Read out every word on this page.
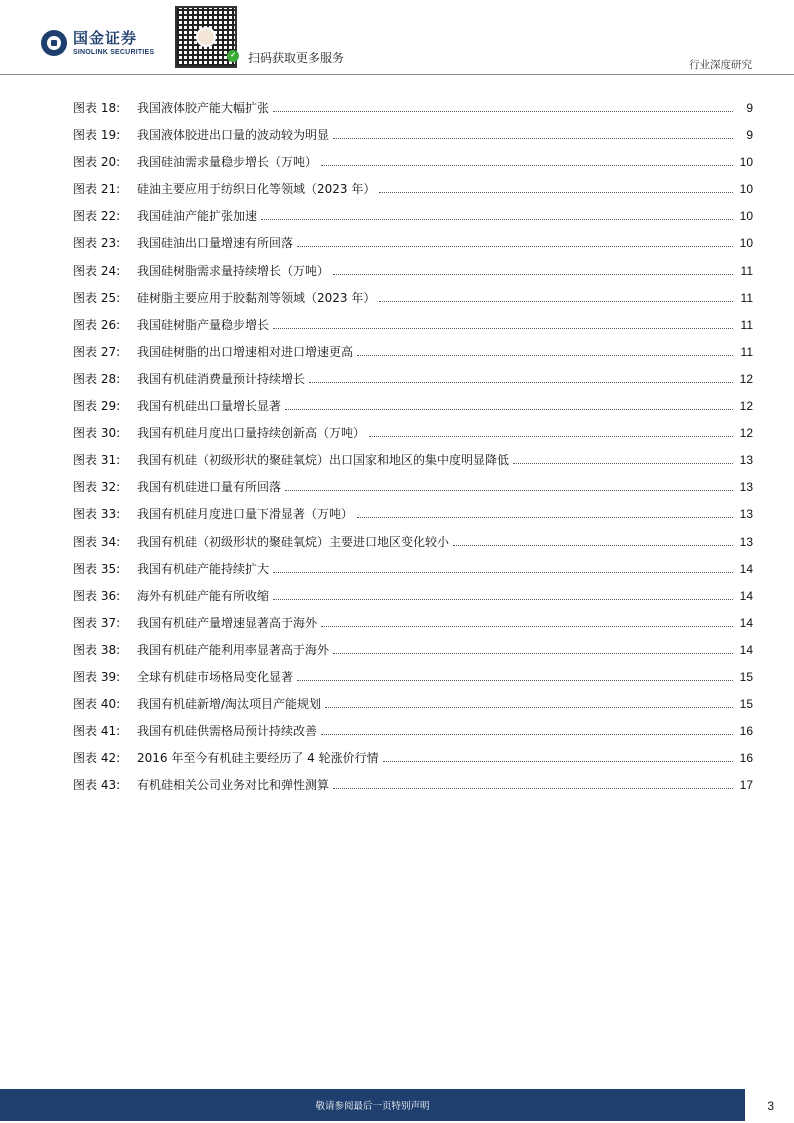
国金证券
SINOLINK SECURITIES	✓ 扫码获取更多服务	行业深度研究
图表 18:	我国液体胶产能大幅扩张	9
图表 19:	我国液体胶进出口量的波动较为明显	9
图表 20:	我国硅油需求量稳步增长（万吨）	10
图表 21:	硅油主要应用于纺织日化等领域（2023 年）	10
图表 22:	我国硅油产能扩张加速	10
图表 23:	我国硅油出口量增速有所回落	10
图表 24:	我国硅树脂需求量持续增长（万吨）	11
图表 25:	硅树脂主要应用于胶黏剂等领域（2023 年）	11
图表 26:	我国硅树脂产量稳步增长	11
图表 27:	我国硅树脂的出口增速相对进口增速更高	11
图表 28:	我国有机硅消费量预计持续增长	12
图表 29:	我国有机硅出口量增长显著	12
图表 30:	我国有机硅月度出口量持续创新高（万吨）	12
图表 31:	我国有机硅（初级形状的聚硅氧烷）出口国家和地区的集中度明显降低	13
图表 32:	我国有机硅进口量有所回落	13
图表 33:	我国有机硅月度进口量下滑显著（万吨）	13
图表 34:	我国有机硅（初级形状的聚硅氧烷）主要进口地区变化较小	13
图表 35:	我国有机硅产能持续扩大	14
图表 36:	海外有机硅产能有所收缩	14
图表 37:	我国有机硅产量增速显著高于海外	14
图表 38:	我国有机硅产能利用率显著高于海外	14
图表 39:	全球有机硅市场格局变化显著	15
图表 40:	我国有机硅新增/淘汰项目产能规划	15
图表 41:	我国有机硅供需格局预计持续改善	16
图表 42:	2016 年至今有机硅主要经历了 4 轮涨价行情	16
图表 43:	有机硅相关公司业务对比和弹性测算	17
敬请参阅最后一页特别声明	3
